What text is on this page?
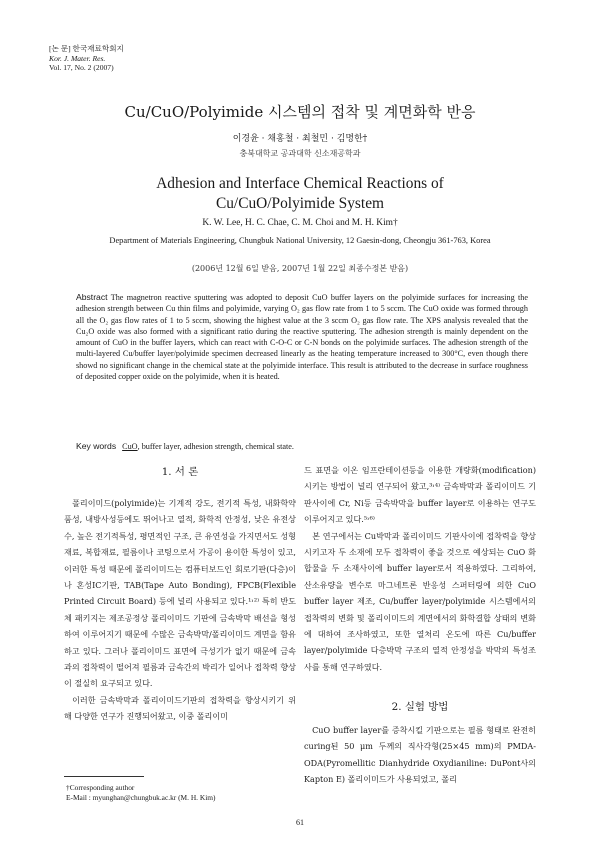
[논 문] 한국재료학회지
Kor. J. Mater. Res.
Vol. 17, No. 2 (2007)
Cu/CuO/Polyimide 시스템의 접착 및 계면화학 반응
이경윤 · 채홍철 · 최철민 · 김명한†
충북대학교 공과대학 신소재공학과
Adhesion and Interface Chemical Reactions of
Cu/CuO/Polyimide System
K. W. Lee, H. C. Chae, C. M. Choi and M. H. Kim†
Department of Materials Engineering, Chungbuk National University, 12 Gaesin-dong, Cheongju 361-763, Korea
(2006년 12월 6일 받음, 2007년 1월 22일 최종수정본 받음)
Abstract The magnetron reactive sputtering was adopted to deposit CuO buffer layers on the polyimide surfaces for increasing the adhesion strength between Cu thin films and polyimide, varying O₂ gas flow rate from 1 to 5 sccm. The CuO oxide was formed through all the O₂ gas flow rates of 1 to 5 sccm, showing the highest value at the 3 sccm O₂ gas flow rate. The XPS analysis revealed that the Cu₂O oxide was also formed with a significant ratio during the reactive sputtering. The adhesion strength is mainly dependent on the amount of CuO in the buffer layers, which can react with C-O-C or C-N bonds on the polyimide surfaces. The adhesion strength of the multi-layered Cu/buffer layer/polyimide specimen decreased linearly as the heating temperature increased to 300°C, even though there showd no significant change in the chemical state at the polyimide interface. This result is attributed to the decrease in surface roughness of deposited copper oxide on the polyimide, when it is heated.
Key words CuO, buffer layer, adhesion strength, chemical state.
1. 서 론

폴리이미드(polyimide)는 기계적 강도, 전기적 특성, 내화학약품성, 내방사성등에도 뛰어나고 열적, 화학적 안정성, 낮은 유전상수, 높은 전기적특성, 평면적인 구조, 큰 유연성을 가지면서도 성형재료, 복합재료, 필름이나 코팅으로서 가공이 용이한 특성이 있고, 이러한 특성 때문에 폴리이미드는 컴퓨터보드인 회로기판(다층)이나 혼성IC기판, TAB(Tape Auto Bonding), FPCB(Flexible Printed Circuit Board) 등에 널리 사용되고 있다.¹˒²⁾ 특히 반도체 패키지는 제조공정상 폴리이미드 기판에 금속박막 배선을 형성하여 이루어지기 때문에 수많은 금속박막/폴리이미드 계면을 함유하고 있다. 그러나 폴리이미드 표면에 극성기가 없기 때문에 금속과의 접착력이 떨어져 필름과 금속간의 박리가 일어나 접착력 향상이 절실히 요구되고 있다.

이러한 금속박막과 폴리이미드기판의 접착력을 향상시키기 위해 다양한 연구가 진행되어왔고, 이중 폴리이미

드 표면을 이온 임프란테이션등을 이용한 개량화(modification)시키는 방법이 널리 연구되어 왔고,³˒⁴⁾ 금속박막과 폴리이미드 기판사이에 Cr, Ni등 금속박막을 buffer layer로 이용하는 연구도 이루어지고 있다.⁵˒⁶⁾

본 연구에서는 Cu박막과 폴리이미드 기판사이에 접착력을 향상시키고자 두 소재에 모두 접착력이 좋을 것으로 예상되는 CuO 화합물을 두 소재사이에 buffer layer로서 적용하였다. 그리하여, 산소유량을 변수로 마그네트론 반응성 스퍼터링에 의한 CuO buffer layer 제조, Cu/buffer layer/polyimide 시스템에서의 접착력의 변화 및 폴리이미드의 계면에서의 화학결합 상태의 변화에 대하여 조사하였고, 또한 열처리 온도에 따른 Cu/buffer layer/polyimide 다층박막 구조의 열적 안정성을 박막의 특성조사를 통해 연구하였다.

2. 실험 방법

CuO buffer layer를 증착시킬 기판으로는 필름 형태로 완전히 curing된 50 μm 두께의 직사각형(25×45 mm)의 PMDA-ODA(Pyromellitic Dianhydride Oxydianiline: DuPont사의 Kapton E) 폴리이미드가 사용되었고, 폴리

†Corresponding author
E-Mail : myunghan@chungbuk.ac.kr (M. H. Kim)
61
